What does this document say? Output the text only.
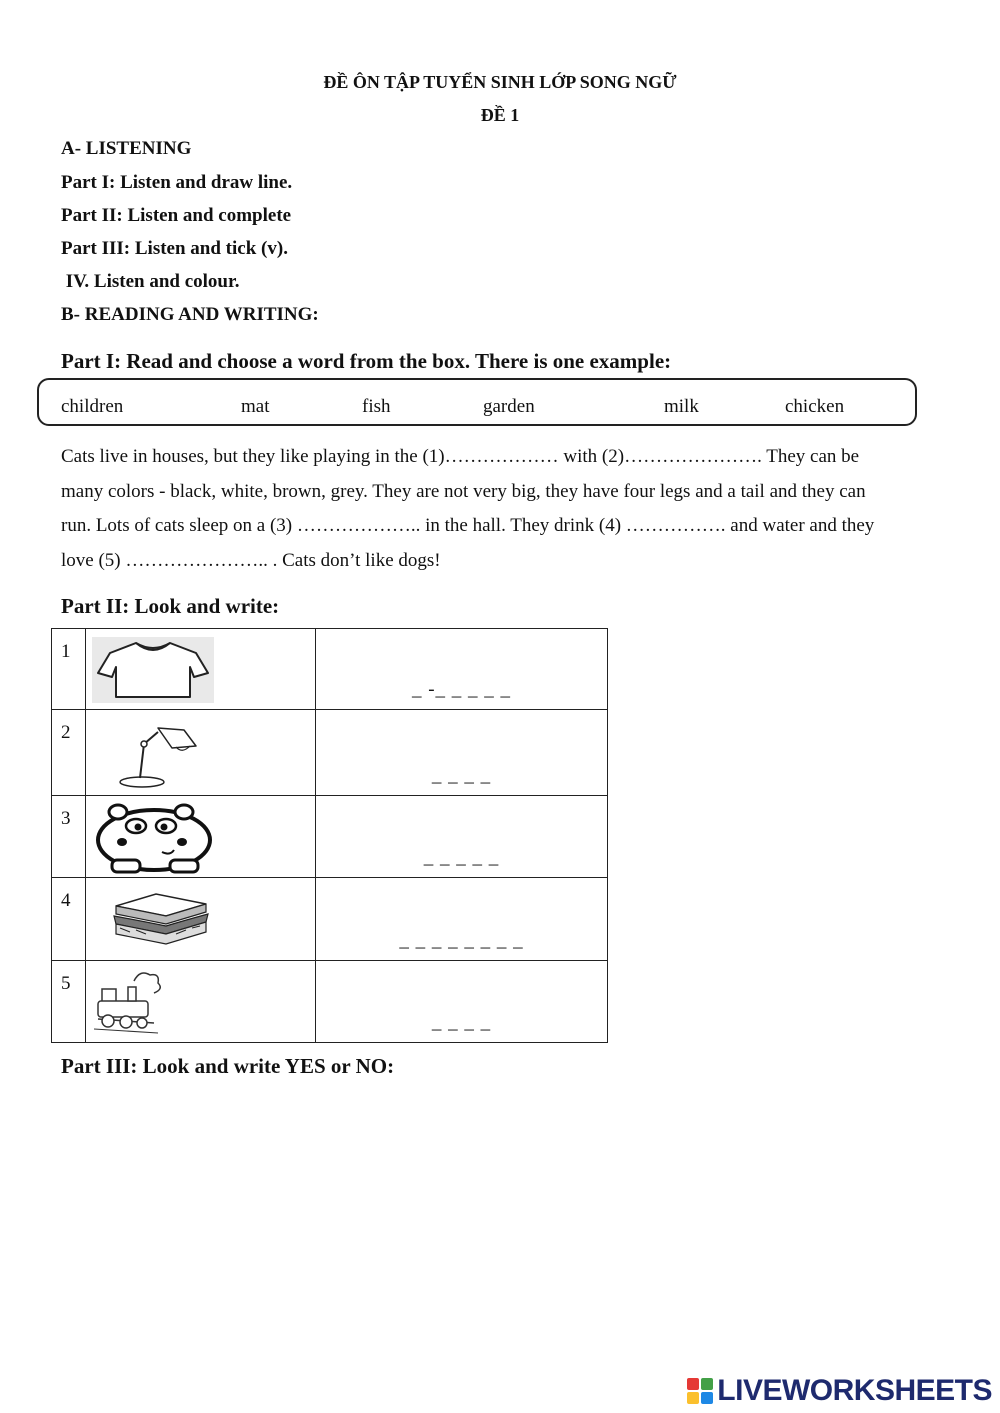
ĐỀ ÔN TẬP TUYỂN SINH LỚP SONG NGỮ
ĐỀ 1
A- LISTENING
Part I: Listen and draw line.
Part II: Listen and complete
Part III: Listen and tick (v).
IV. Listen and colour.
B- READING AND WRITING:
Part I: Read and choose a word from the box. There is one example:
children	mat	fish	garden	milk	chicken

Cats live in houses, but they like playing in the (1)……………… with (2)…………………. They can be

many colors - black, white, brown, grey. They are not very big, they have four legs and a tail and they can

run. Lots of cats sleep on a (3) ……………….. in the hall. They drink (4) ……………. and water and they

love (5) ………………….. . Cats don’t like dogs!

Part II: Look and write:
1		_ -_ _ _ _ _

2		_ _ _ _

3		_ _ _ _ _

4		_ _ _ _ _ _ _ _

5		_ _ _ _
Part III: Look and write YES or NO:
LIVEWORKSHEETS
